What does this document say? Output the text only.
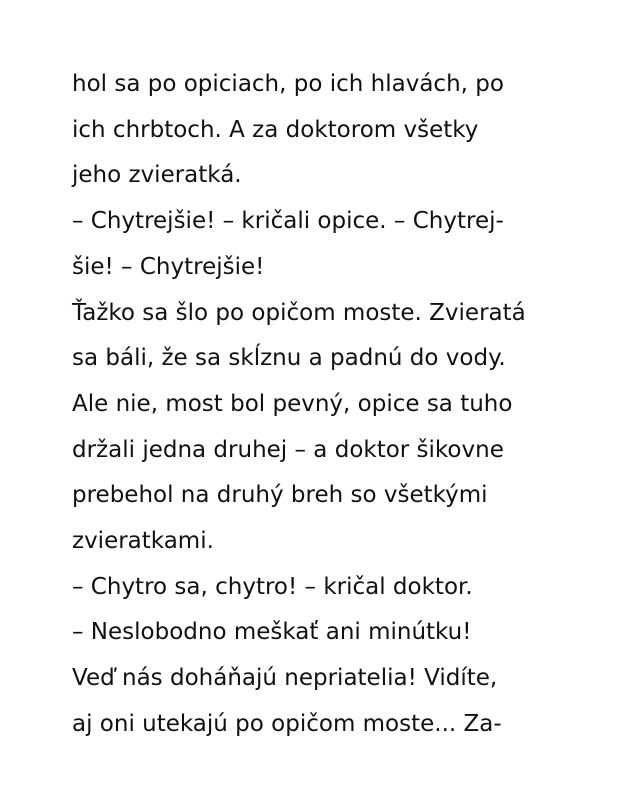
hol sa po opiciach, po ich hlavách, po
ich chrbtoch. A za doktorom všetky
jeho zvieratká.
– Chytrejšie! – kričali opice. – Chytrej-
šie! – Chytrejšie!
Ťažko sa šlo po opičom moste. Zvieratá
sa báli, že sa skĺznu a padnú do vody.
Ale nie, most bol pevný, opice sa tuho
držali jedna druhej – a doktor šikovne
prebehol na druhý breh so všetkými
zvieratkami.
– Chytro sa, chytro! – kričal doktor.
– Neslobodno meškať ani minútku!
Veď nás doháňajú nepriatelia! Vidíte,
aj oni utekajú po opičom moste... Za-
